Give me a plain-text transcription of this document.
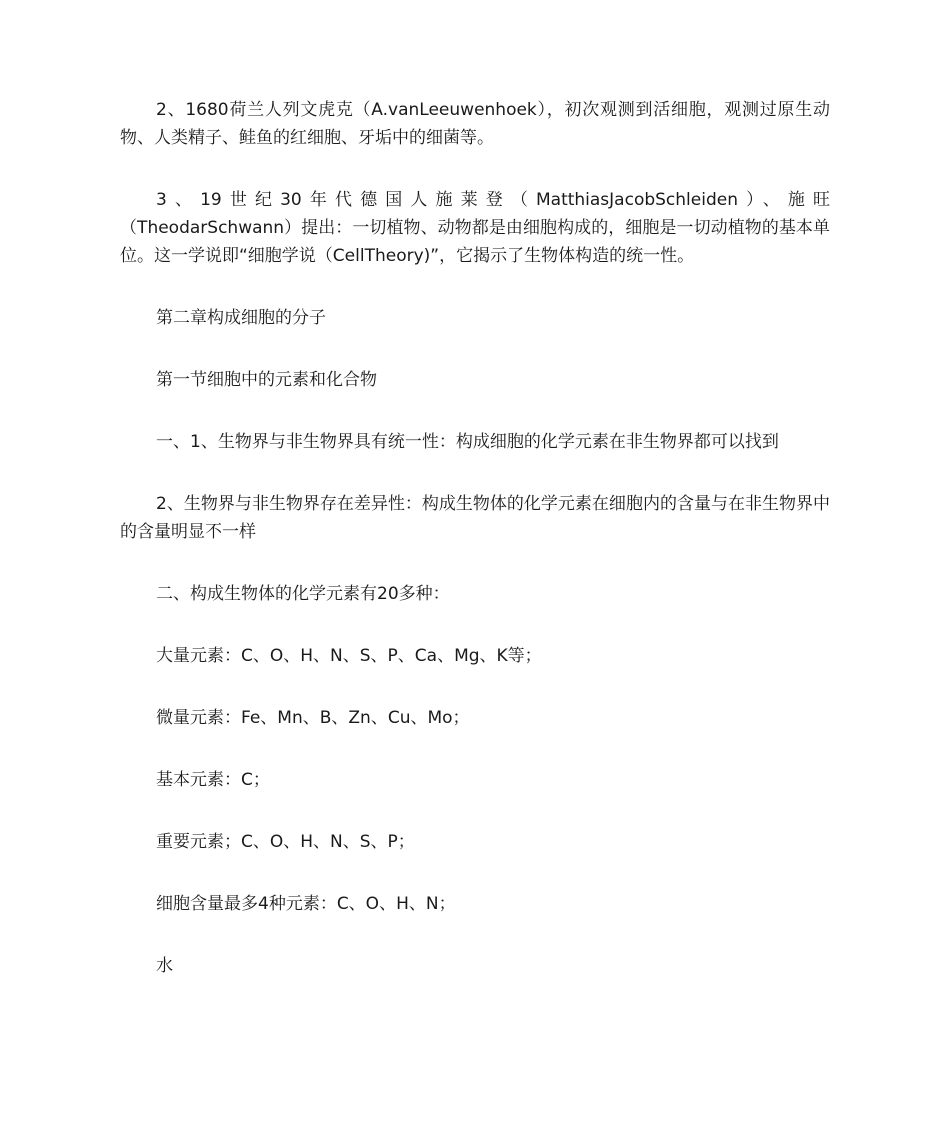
2、1680荷兰人列文虎克（A.vanLeeuwenhoek），初次观测到活细胞，观测过原生动物、人类精子、鲑鱼的红细胞、牙垢中的细菌等。

3、19世纪30年代德国人施莱登（MatthiasJacobSchleiden）、施旺（TheodarSchwann）提出：一切植物、动物都是由细胞构成的，细胞是一切动植物的基本单位。这一学说即“细胞学说（CellTheory)”，它揭示了生物体构造的统一性。

第二章构成细胞的分子

第一节细胞中的元素和化合物

一、1、生物界与非生物界具有统一性：构成细胞的化学元素在非生物界都可以找到

2、生物界与非生物界存在差异性：构成生物体的化学元素在细胞内的含量与在非生物界中的含量明显不一样

二、构成生物体的化学元素有20多种：

大量元素：C、O、H、N、S、P、Ca、Mg、K等；

微量元素：Fe、Mn、B、Zn、Cu、Mo；

基本元素：C；

重要元素；C、O、H、N、S、P；

细胞含量最多4种元素：C、O、H、N；

水
